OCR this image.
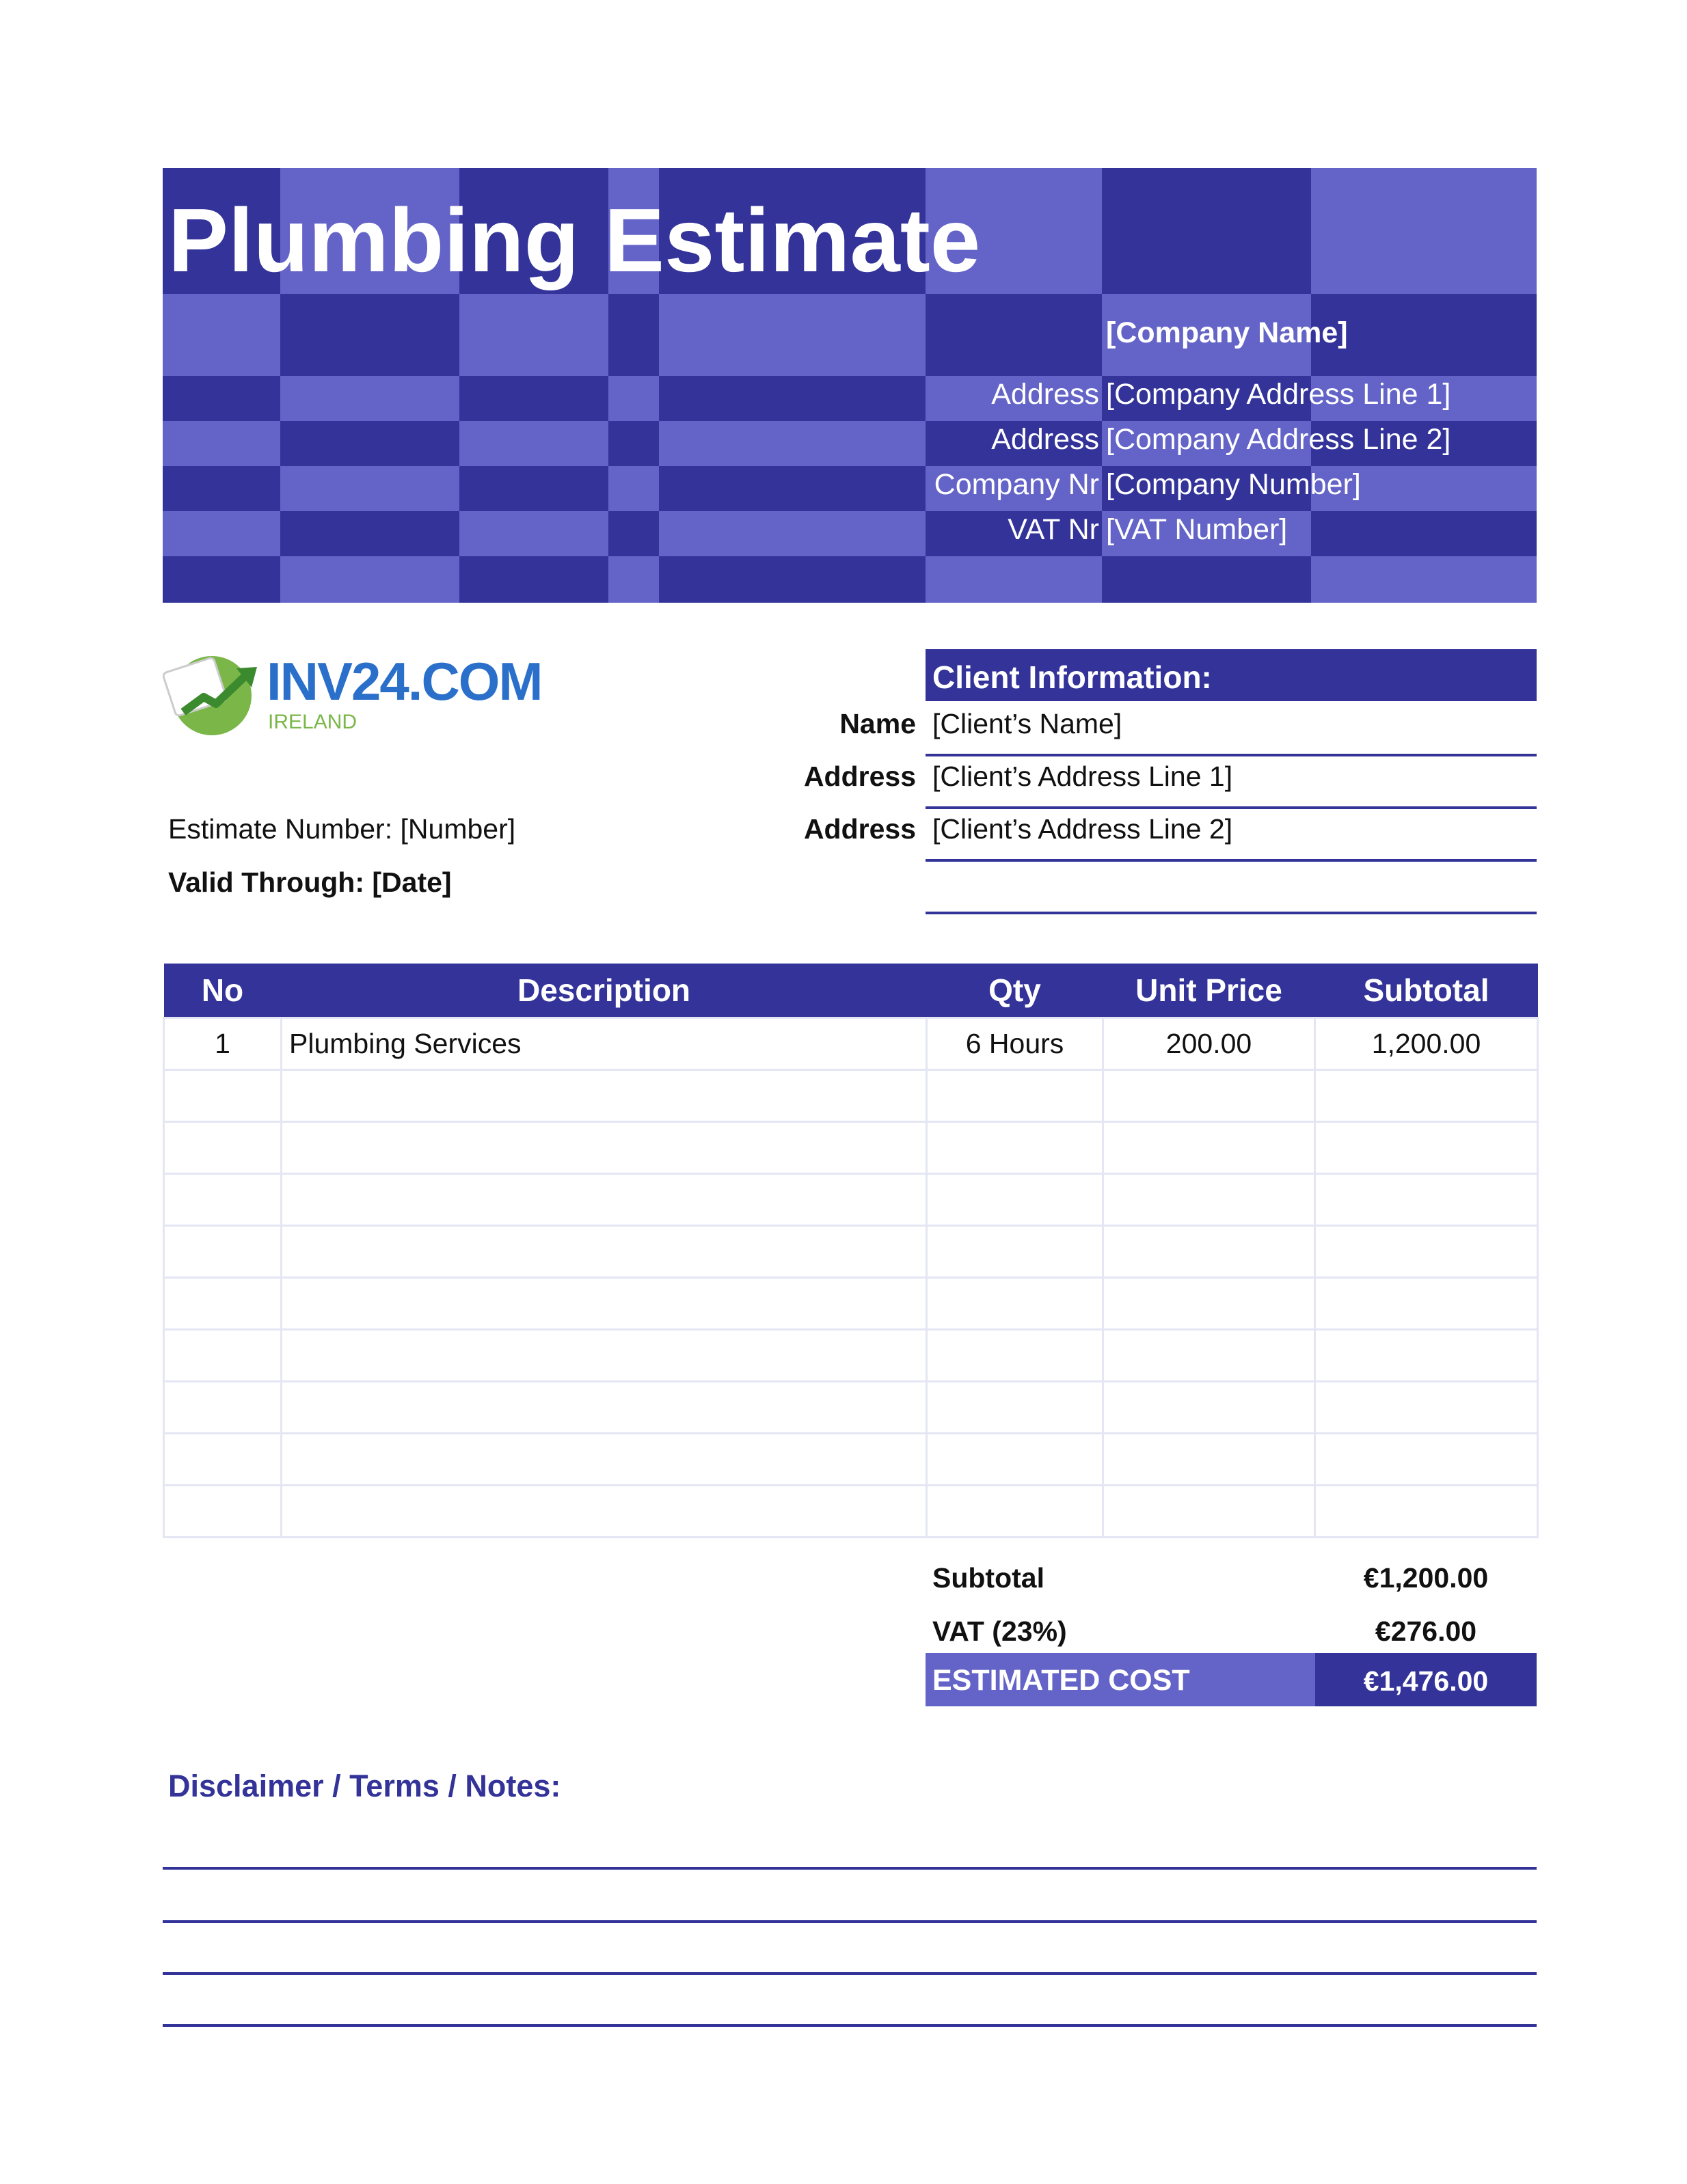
Plumbing Estimate
[Company Name]
Address [Company Address Line 1]
Address [Company Address Line 2]
Company Nr [Company Number]
VAT Nr [VAT Number]
INV24.COM
IRELAND
Client Information:
Name [Client’s Name]
Address [Client’s Address Line 1]
Address [Client’s Address Line 2]
Estimate Number: [Number]
Valid Through: [Date]
No	Description	Qty	Unit Price	Subtotal
1	Plumbing Services	6 Hours	200.00	1,200.00

Subtotal	€1,200.00
VAT (23%)	€276.00
ESTIMATED COST	€1,476.00
Disclaimer / Terms / Notes:
